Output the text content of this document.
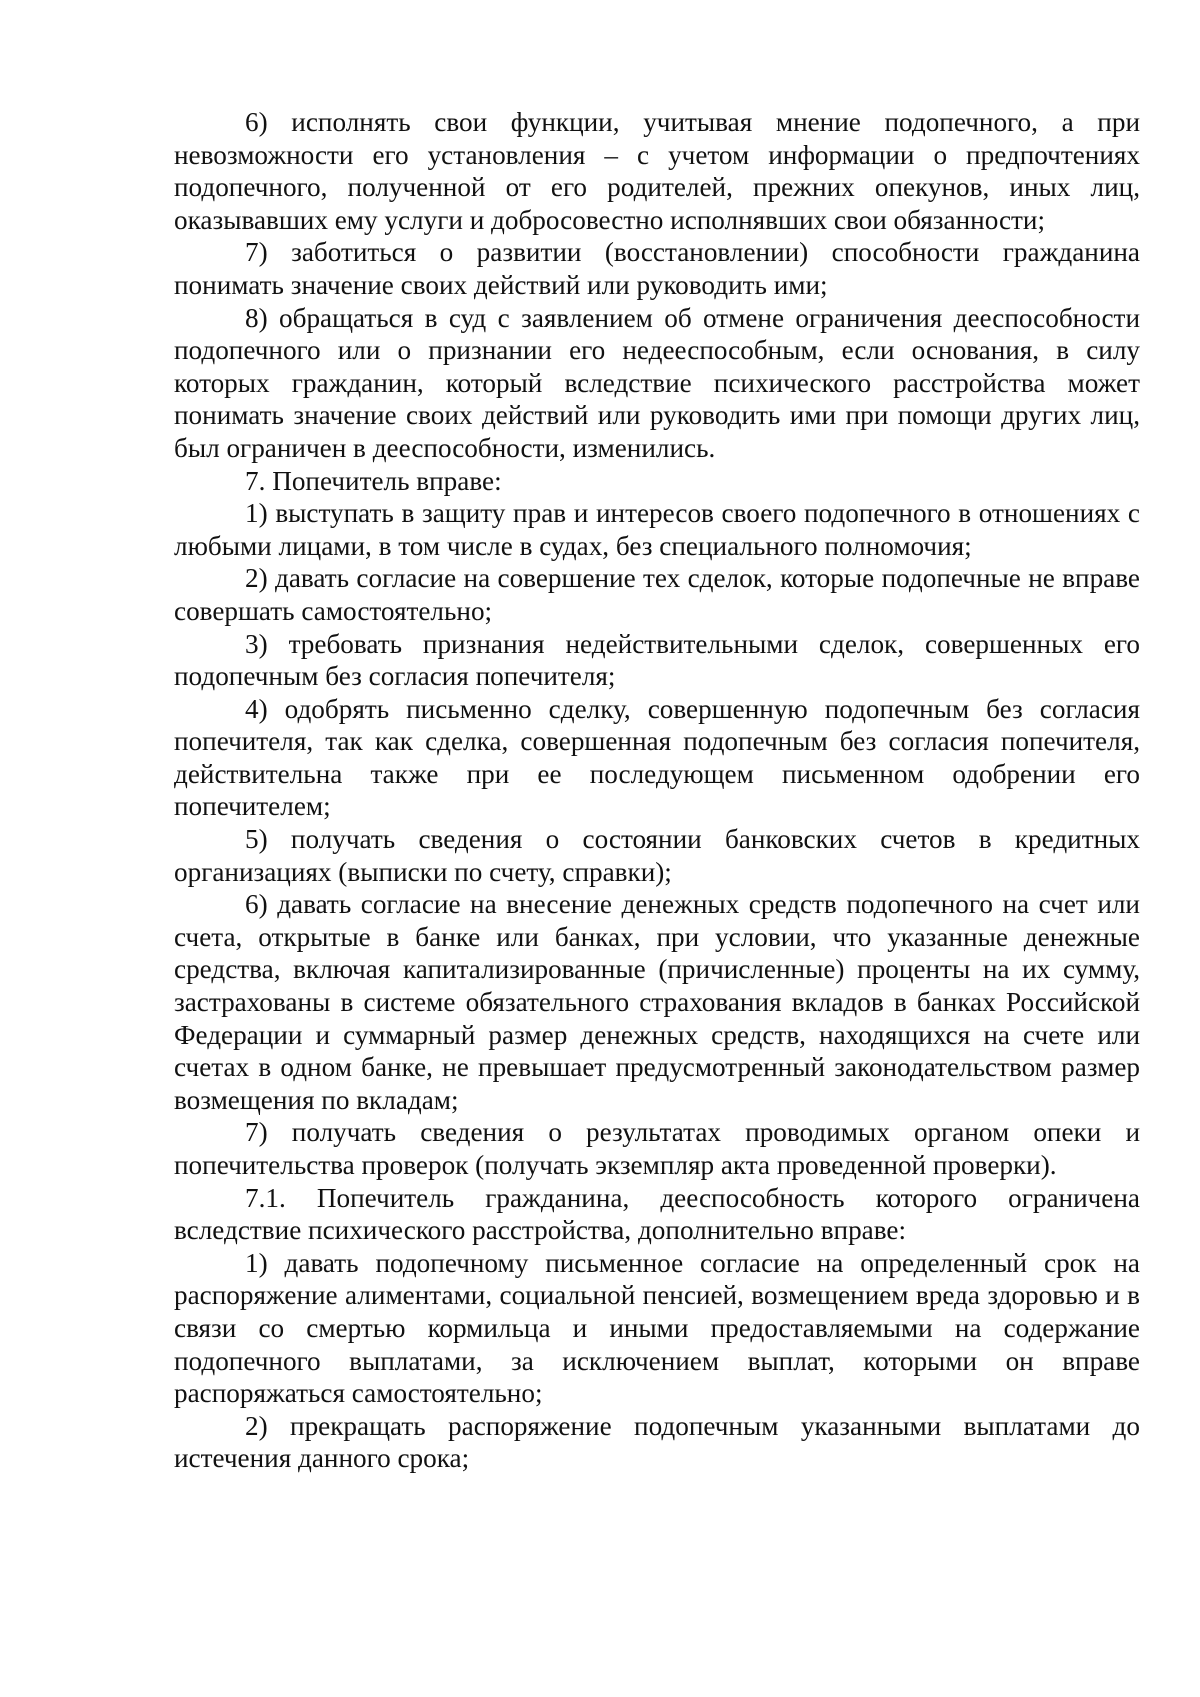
6) исполнять свои функции, учитывая мнение подопечного, а при невозможности его установления – с учетом информации о предпочтениях подопечного, полученной от его родителей, прежних опекунов, иных лиц, оказывавших ему услуги и добросовестно исполнявших свои обязанности;

7) заботиться о развитии (восстановлении) способности гражданина понимать значение своих действий или руководить ими;

8) обращаться в суд с заявлением об отмене ограничения дееспособности подопечного или о признании его недееспособным, если основания, в силу которых гражданин, который вследствие психического расстройства может понимать значение своих действий или руководить ими при помощи других лиц, был ограничен в дееспособности, изменились.

7. Попечитель вправе:

1) выступать в защиту прав и интересов своего подопечного в отношениях с любыми лицами, в том числе в судах, без специального полномочия;

2) давать согласие на совершение тех сделок, которые подопечные не вправе совершать самостоятельно;

3) требовать признания недействительными сделок, совершенных его подопечным без согласия попечителя;

4) одобрять письменно сделку, совершенную подопечным без согласия попечителя, так как сделка, совершенная подопечным без согласия попечителя, действительна также при ее последующем письменном одобрении его попечителем;

5) получать сведения о состоянии банковских счетов в кредитных организациях (выписки по счету, справки);

6) давать согласие на внесение денежных средств подопечного на счет или счета, открытые в банке или банках, при условии, что указанные денежные средства, включая капитализированные (причисленные) проценты на их сумму, застрахованы в системе обязательного страхования вкладов в банках Российской Федерации и суммарный размер денежных средств, находящихся на счете или счетах в одном банке, не превышает предусмотренный законодательством размер возмещения по вкладам;

7) получать сведения о результатах проводимых органом опеки и попечительства проверок (получать экземпляр акта проведенной проверки).

7.1. Попечитель гражданина, дееспособность которого ограничена вследствие психического расстройства, дополнительно вправе:

1) давать подопечному письменное согласие на определенный срок на распоряжение алиментами, социальной пенсией, возмещением вреда здоровью и в связи со смертью кормильца и иными предоставляемыми на содержание подопечного выплатами, за исключением выплат, которыми он вправе распоряжаться самостоятельно;

2) прекращать распоряжение подопечным указанными выплатами до истечения данного срока;
